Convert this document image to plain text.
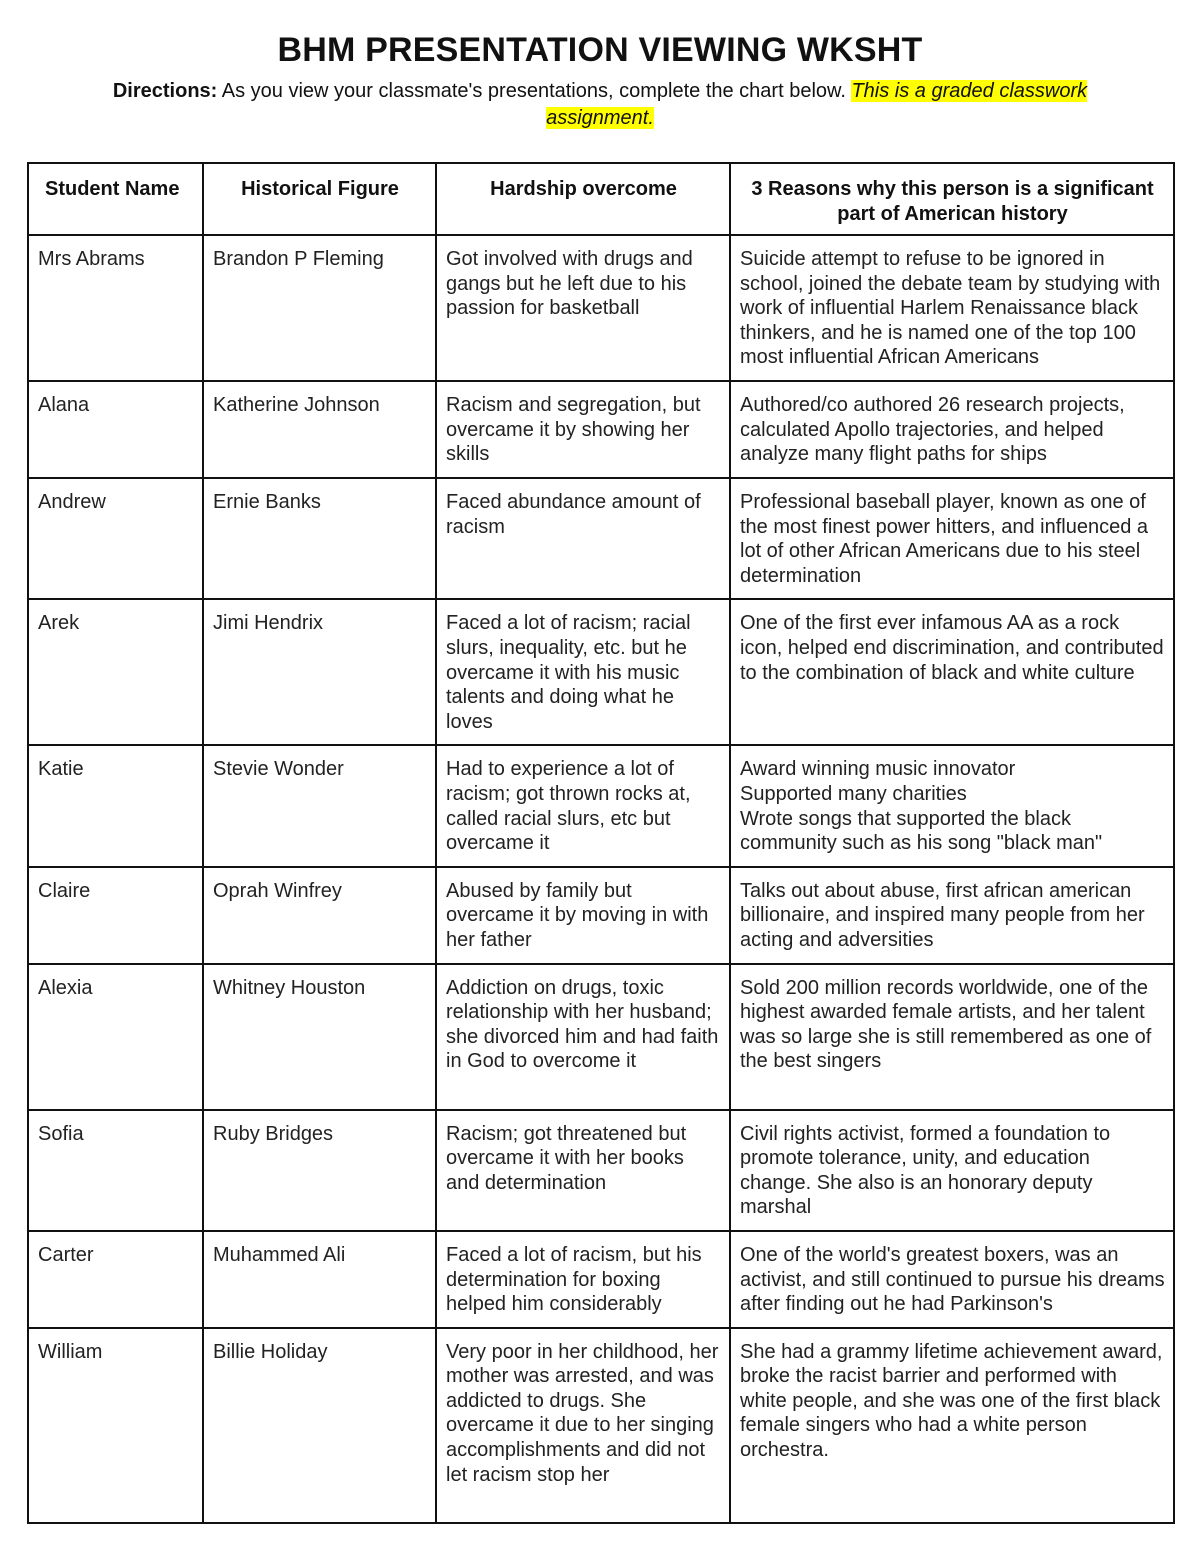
BHM PRESENTATION VIEWING WKSHT
Directions: As you view your classmate's presentations, complete the chart below. This is a graded classwork assignment.
Student Name	Historical Figure	Hardship overcome	3 Reasons why this person is a significant part of American history
Mrs Abrams	Brandon P Fleming	Got involved with drugs and gangs but he left due to his passion for basketball	Suicide attempt to refuse to be ignored in school, joined the debate team by studying with work of influential Harlem Renaissance black thinkers, and he is named one of the top 100 most influential African Americans
Alana	Katherine Johnson	Racism and segregation, but overcame it by showing her skills	Authored/co authored 26 research projects, calculated Apollo trajectories, and helped analyze many flight paths for ships
Andrew	Ernie Banks	Faced abundance amount of racism	Professional baseball player, known as one of the most finest power hitters, and influenced a lot of other African Americans due to his steel determination
Arek	Jimi Hendrix	Faced a lot of racism; racial slurs, inequality, etc. but he overcame it with his music talents and doing what he loves	One of the first ever infamous AA as a rock icon, helped end discrimination, and contributed to the combination of black and white culture
Katie	Stevie Wonder	Had to experience a lot of racism; got thrown rocks at, called racial slurs, etc but overcame it	Award winning music innovator
Supported many charities
Wrote songs that supported the black community such as his song "black man"

Claire	Oprah Winfrey	Abused by family but overcame it by moving in with her father	Talks out about abuse, first african american billionaire, and inspired many people from her acting and adversities
Alexia	Whitney Houston	Addiction on drugs, toxic relationship with her husband; she divorced him and had faith in God to overcome it	Sold 200 million records worldwide, one of the highest awarded female artists, and her talent was so large she is still remembered as one of the best singers
Sofia	Ruby Bridges	Racism; got threatened but overcame it with her books and determination	Civil rights activist, formed a foundation to promote tolerance, unity, and education change. She also is an honorary deputy marshal
Carter	Muhammed Ali	Faced a lot of racism, but his determination for boxing helped him considerably	One of the world's greatest boxers, was an activist, and still continued to pursue his dreams after finding out he had Parkinson's
William	Billie Holiday	Very poor in her childhood, her mother was arrested, and was addicted to drugs. She overcame it due to her singing accomplishments and did not let racism stop her	She had a grammy lifetime achievement award, broke the racist barrier and performed with white people, and she was one of the first black female singers who had a white person orchestra.
